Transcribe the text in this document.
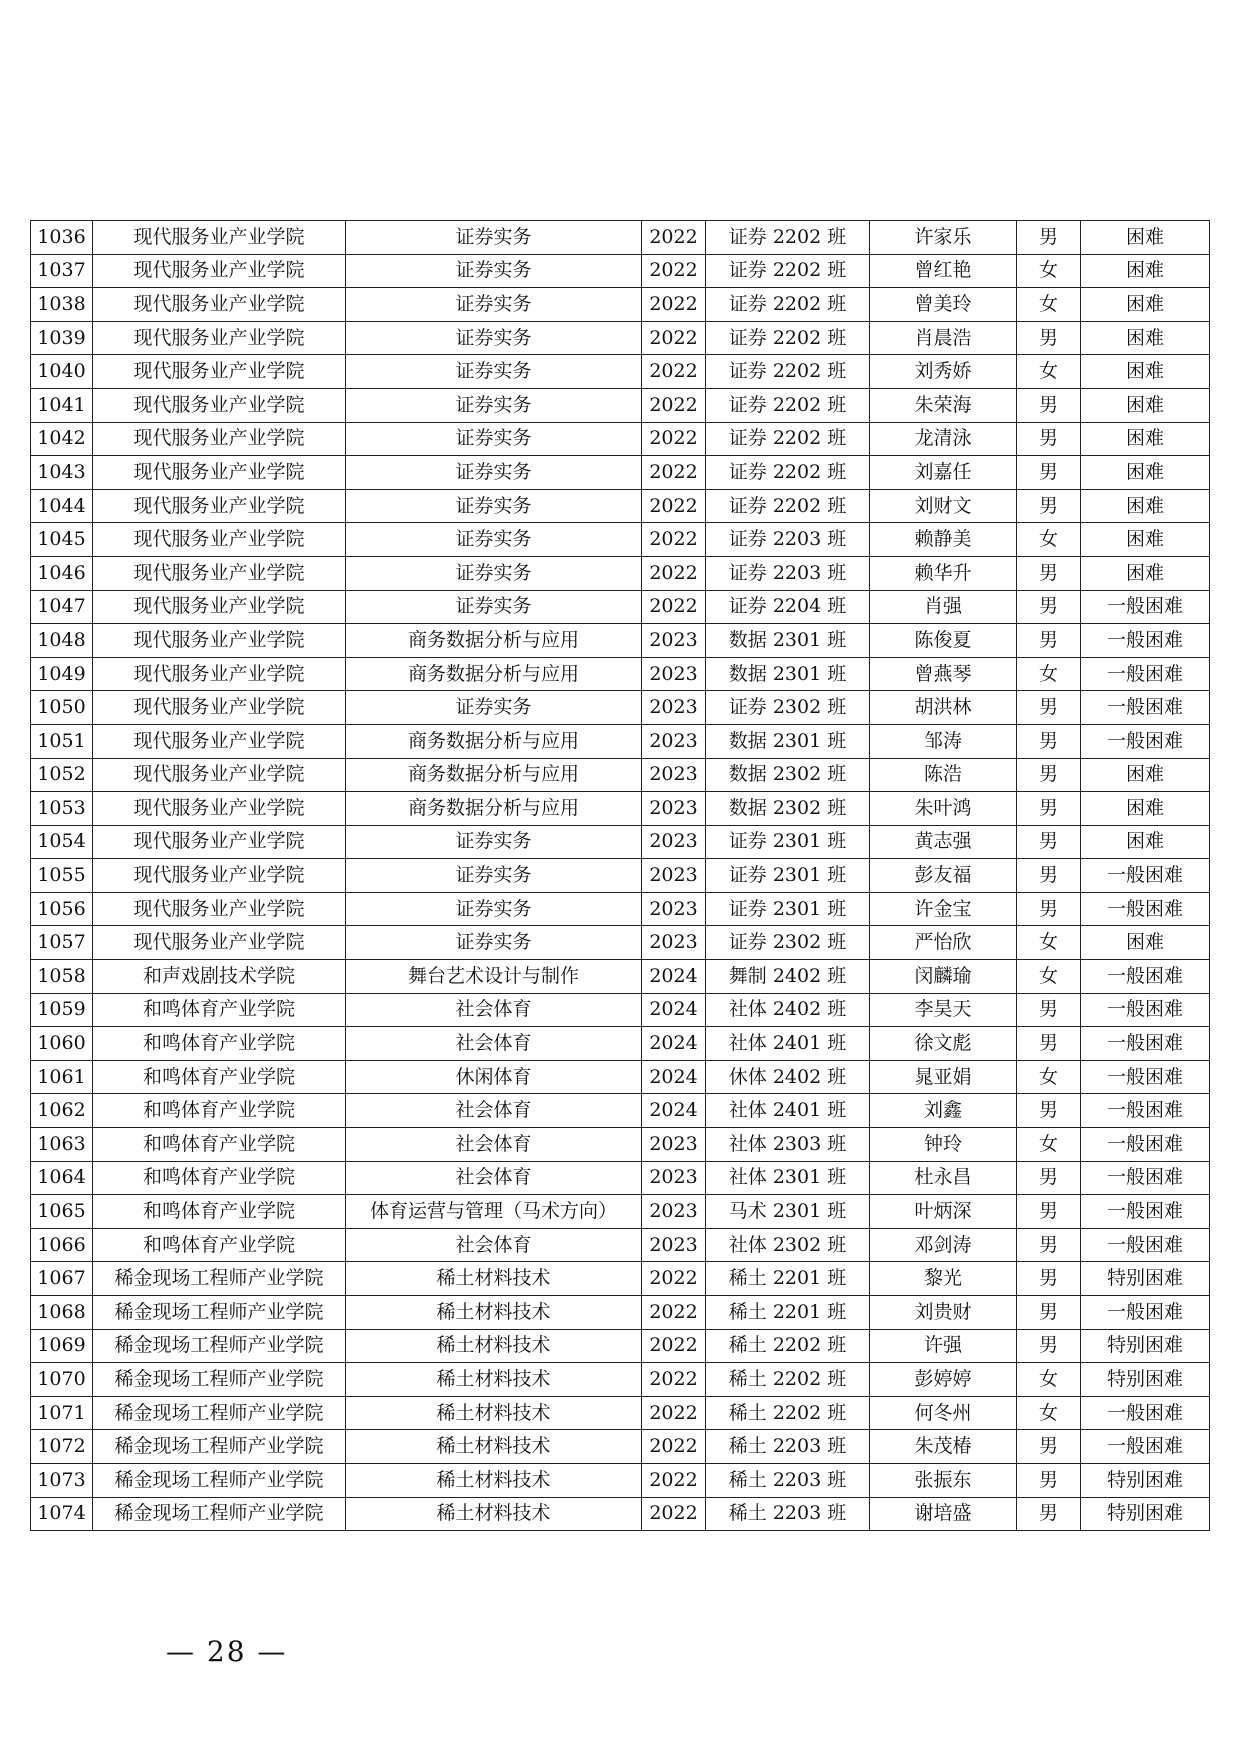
1036	现代服务业产业学院	证券实务	2022	证券 2202 班	许家乐	男	困难
1037	现代服务业产业学院	证券实务	2022	证券 2202 班	曾红艳	女	困难
1038	现代服务业产业学院	证券实务	2022	证券 2202 班	曾美玲	女	困难
1039	现代服务业产业学院	证券实务	2022	证券 2202 班	肖晨浩	男	困难
1040	现代服务业产业学院	证券实务	2022	证券 2202 班	刘秀娇	女	困难
1041	现代服务业产业学院	证券实务	2022	证券 2202 班	朱荣海	男	困难
1042	现代服务业产业学院	证券实务	2022	证券 2202 班	龙清泳	男	困难
1043	现代服务业产业学院	证券实务	2022	证券 2202 班	刘嘉任	男	困难
1044	现代服务业产业学院	证券实务	2022	证券 2202 班	刘财文	男	困难
1045	现代服务业产业学院	证券实务	2022	证券 2203 班	赖静美	女	困难
1046	现代服务业产业学院	证券实务	2022	证券 2203 班	赖华升	男	困难
1047	现代服务业产业学院	证券实务	2022	证券 2204 班	肖强	男	一般困难
1048	现代服务业产业学院	商务数据分析与应用	2023	数据 2301 班	陈俊夏	男	一般困难
1049	现代服务业产业学院	商务数据分析与应用	2023	数据 2301 班	曾燕琴	女	一般困难
1050	现代服务业产业学院	证券实务	2023	证券 2302 班	胡洪林	男	一般困难
1051	现代服务业产业学院	商务数据分析与应用	2023	数据 2301 班	邹涛	男	一般困难
1052	现代服务业产业学院	商务数据分析与应用	2023	数据 2302 班	陈浩	男	困难
1053	现代服务业产业学院	商务数据分析与应用	2023	数据 2302 班	朱叶鸿	男	困难
1054	现代服务业产业学院	证券实务	2023	证券 2301 班	黄志强	男	困难
1055	现代服务业产业学院	证券实务	2023	证券 2301 班	彭友福	男	一般困难
1056	现代服务业产业学院	证券实务	2023	证券 2301 班	许金宝	男	一般困难
1057	现代服务业产业学院	证券实务	2023	证券 2302 班	严怡欣	女	困难
1058	和声戏剧技术学院	舞台艺术设计与制作	2024	舞制 2402 班	闵麟瑜	女	一般困难
1059	和鸣体育产业学院	社会体育	2024	社体 2402 班	李昊天	男	一般困难
1060	和鸣体育产业学院	社会体育	2024	社体 2401 班	徐文彪	男	一般困难
1061	和鸣体育产业学院	休闲体育	2024	休体 2402 班	晁亚娟	女	一般困难
1062	和鸣体育产业学院	社会体育	2024	社体 2401 班	刘鑫	男	一般困难
1063	和鸣体育产业学院	社会体育	2023	社体 2303 班	钟玲	女	一般困难
1064	和鸣体育产业学院	社会体育	2023	社体 2301 班	杜永昌	男	一般困难
1065	和鸣体育产业学院	体育运营与管理（马术方向）	2023	马术 2301 班	叶炳深	男	一般困难
1066	和鸣体育产业学院	社会体育	2023	社体 2302 班	邓剑涛	男	一般困难
1067	稀金现场工程师产业学院	稀土材料技术	2022	稀土 2201 班	黎光	男	特别困难
1068	稀金现场工程师产业学院	稀土材料技术	2022	稀土 2201 班	刘贵财	男	一般困难
1069	稀金现场工程师产业学院	稀土材料技术	2022	稀土 2202 班	许强	男	特别困难
1070	稀金现场工程师产业学院	稀土材料技术	2022	稀土 2202 班	彭婷婷	女	特别困难
1071	稀金现场工程师产业学院	稀土材料技术	2022	稀土 2202 班	何冬州	女	一般困难
1072	稀金现场工程师产业学院	稀土材料技术	2022	稀土 2203 班	朱茂椿	男	一般困难
1073	稀金现场工程师产业学院	稀土材料技术	2022	稀土 2203 班	张振东	男	特别困难
1074	稀金现场工程师产业学院	稀土材料技术	2022	稀土 2203 班	谢培盛	男	特别困难
— 28 —
